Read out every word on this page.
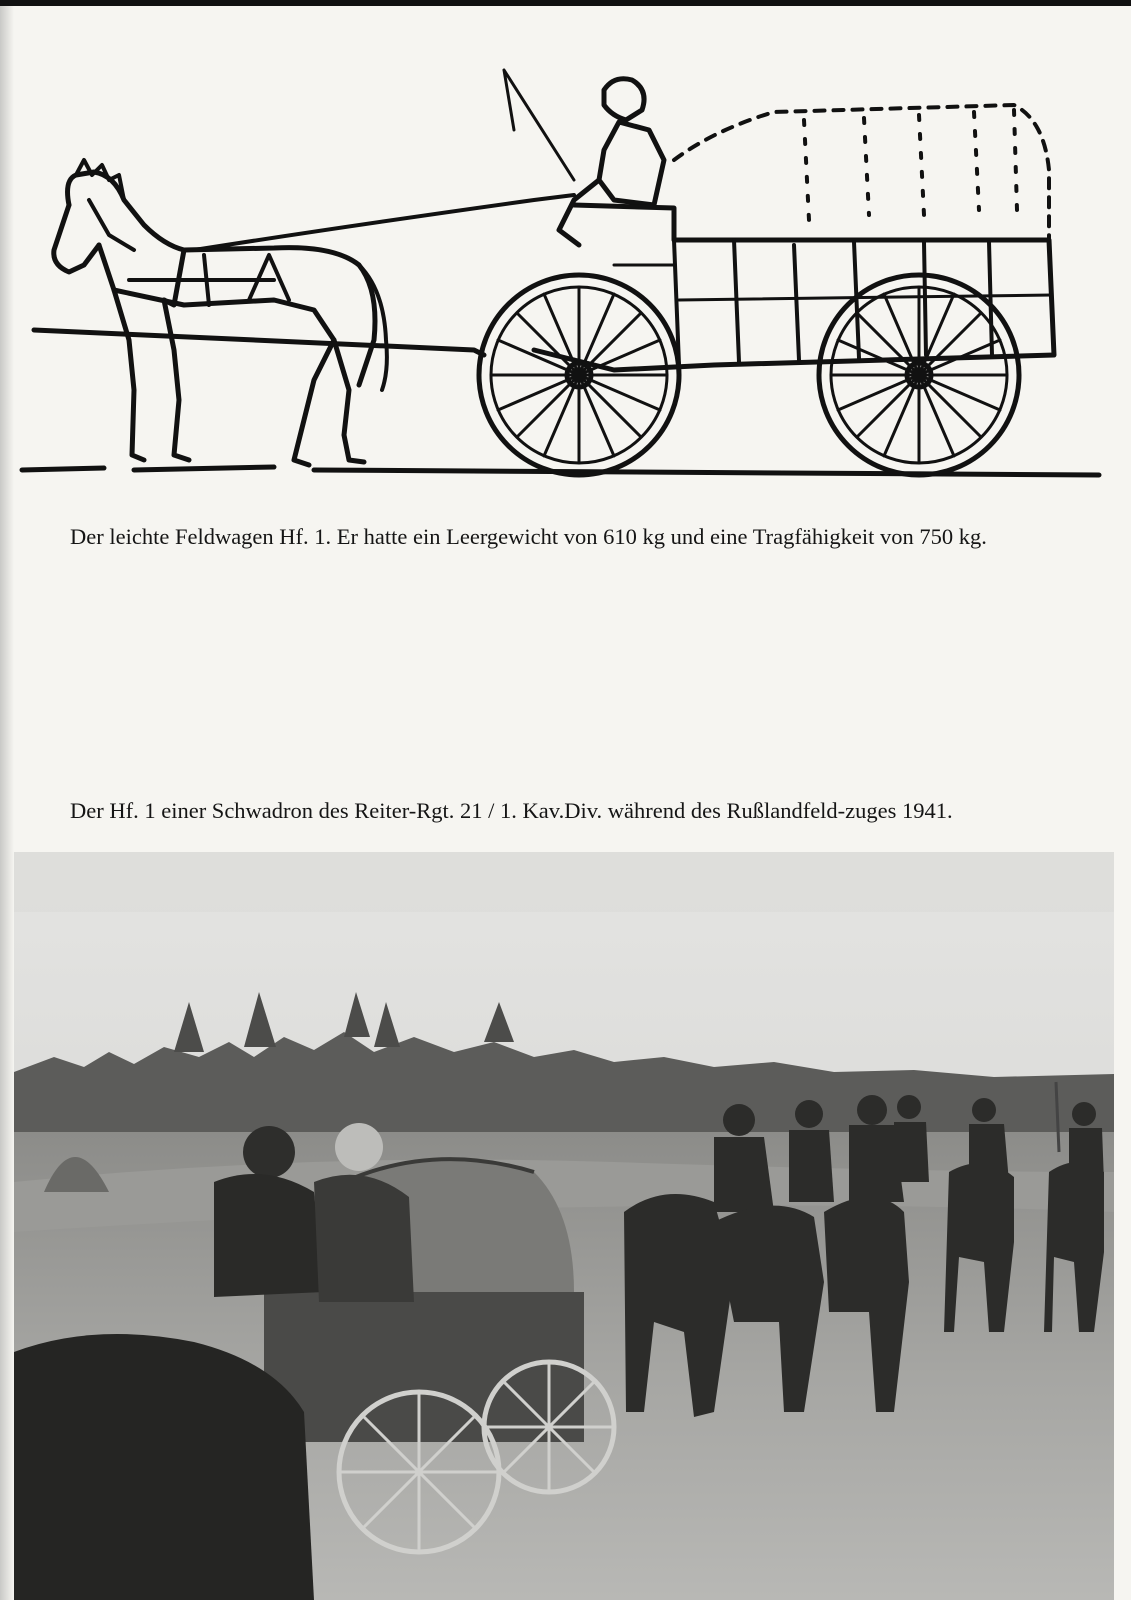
Der leichte Feldwagen Hf. 1. Er hatte ein Leergewicht von 610 kg und eine Tragfähigkeit von 750 kg.

Der Hf. 1 einer Schwadron des Reiter-Rgt. 21 / 1. Kav.Div. während des Rußlandfeld-zuges 1941.
